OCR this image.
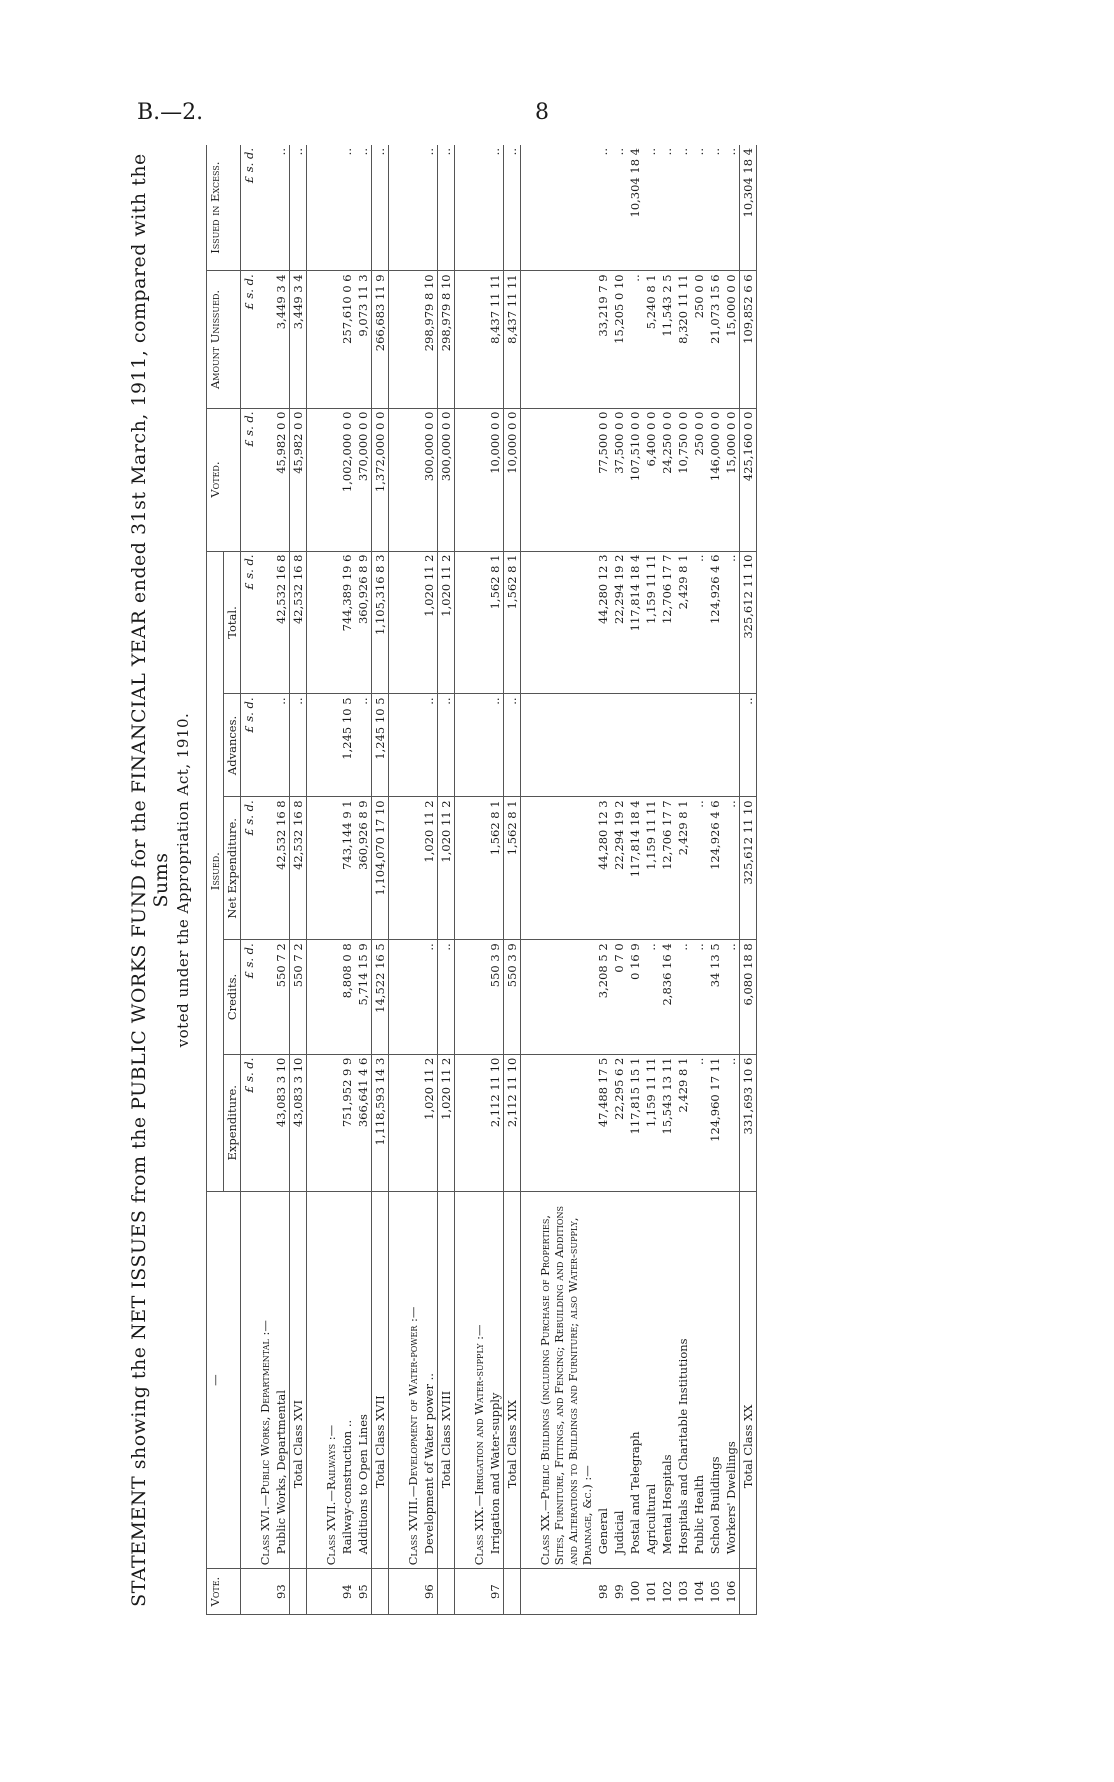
B.—2.	8
STATEMENT showing the NET ISSUES from the PUBLIC WORKS FUND for the FINANCIAL YEAR ended 31st March, 1911, compared with the Sums voted under the Appropriation Act, 1910.
Vote.	—	Issued.					Voted.	Amount Unissued.	Issued in Excess.
		Expenditure.	Credits.	Net Expenditure.	Advances.	Total.			
		£ s. d.	£ s. d.	£ s. d.	£ s. d.	£ s. d.	£ s. d.	£ s. d.	£ s. d.
	Class XVI.—Public Works, Departmental :—								
93	Public Works, Departmental	43,083 3 10	550 7 2	42,532 16 8	..	42,532 16 8	45,982 0 0	3,449 3 4	..
	Total Class XVI	43,083 3 10	550 7 2	42,532 16 8	..	42,532 16 8	45,982 0 0	3,449 3 4	..

	Class XVII.—Railways :—								
94	Railway-construction ..	751,952 9 9	8,808 0 8	743,144 9 1	1,245 10 5	744,389 19 6	1,002,000 0 0	257,610 0 6	..
95	Additions to Open Lines	366,641 4 6	5,714 15 9	360,926 8 9	..	360,926 8 9	370,000 0 0	9,073 11 3	..
	Total Class XVII	1,118,593 14 3	14,522 16 5	1,104,070 17 10	1,245 10 5	1,105,316 8 3	1,372,000 0 0	266,683 11 9	..

	Class XVIII.—Development of Water-power :—								
96	Development of Water power ..	1,020 11 2	..	1,020 11 2	..	1,020 11 2	300,000 0 0	298,979 8 10	..
	Total Class XVIII	1,020 11 2	..	1,020 11 2	..	1,020 11 2	300,000 0 0	298,979 8 10	..

	Class XIX.—Irrigation and Water-supply :—								
97	Irrigation and Water-supply	2,112 11 10	550 3 9	1,562 8 1	..	1,562 8 1	10,000 0 0	8,437 11 11	..
	Total Class XIX	2,112 11 10	550 3 9	1,562 8 1	..	1,562 8 1	10,000 0 0	8,437 11 11	..

	Class XX.—Public Buildings (including Purchase of Properties, Sites, Furniture, Fittings, and Fencing; Rebuilding and Additions and Alterations to Buildings and Furniture; also Water-supply, Drainage, &c.) :—								
98	General	47,488 17 5	3,208 5 2	44,280 12 3		44,280 12 3	77,500 0 0	33,219 7 9	..
99	Judicial	22,295 6 2	0 7 0	22,294 19 2		22,294 19 2	37,500 0 0	15,205 0 10	..
100	Postal and Telegraph	117,815 15 1	0 16 9	117,814 18 4		117,814 18 4	107,510 0 0	..	10,304 18 4
101	Agricultural	1,159 11 11	..	1,159 11 11		1,159 11 11	6,400 0 0	5,240 8 1	..
102	Mental Hospitals	15,543 13 11	2,836 16 4	12,706 17 7		12,706 17 7	24,250 0 0	11,543 2 5	..
103	Hospitals and Charitable Institutions	2,429 8 1	..	2,429 8 1		2,429 8 1	10,750 0 0	8,320 11 11	..
104	Public Health	..	..	..		..	250 0 0	250 0 0	..
105	School Buildings	124,960 17 11	34 13 5	124,926 4 6		124,926 4 6	146,000 0 0	21,073 15 6	..
106	Workers' Dwellings	..	..	..		..	15,000 0 0	15,000 0 0	..
	Total Class XX	331,693 10 6	6,080 18 8	325,612 11 10	..	325,612 11 10	425,160 0 0	109,852 6 6	10,304 18 4
